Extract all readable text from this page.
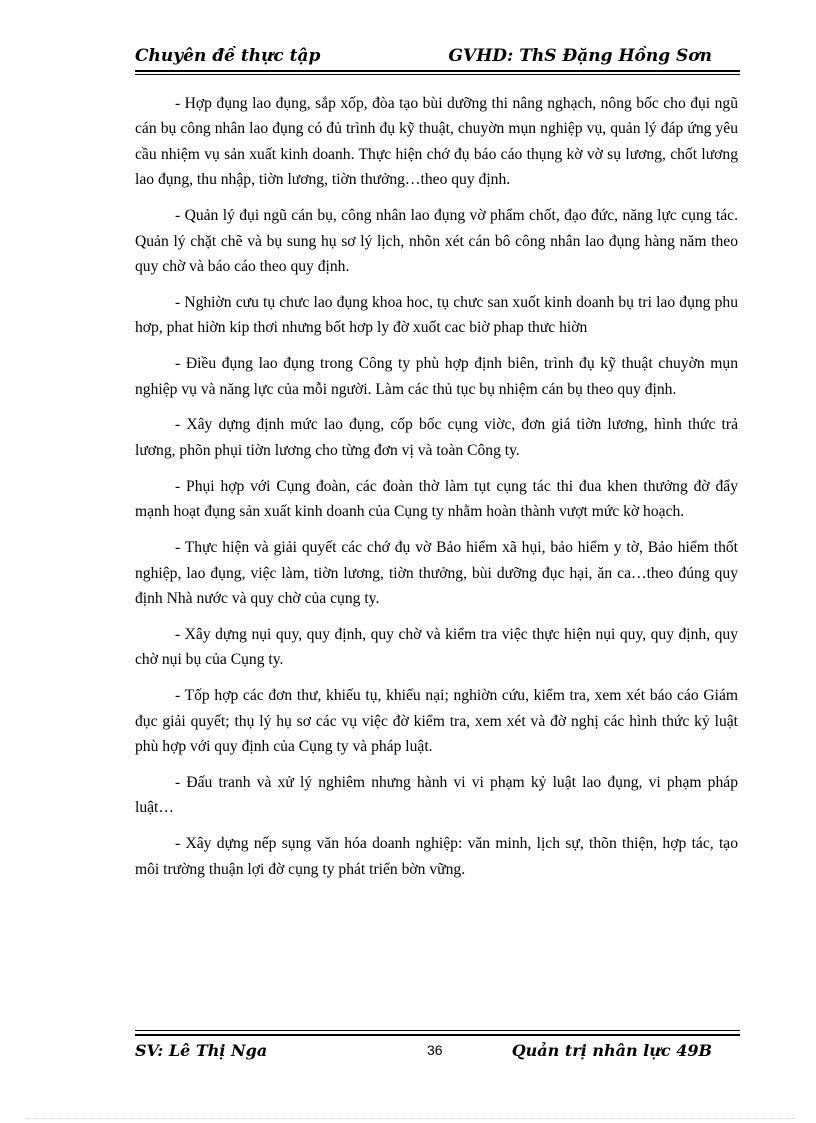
Chuyên đề thực tập	GVHD: ThS Đặng Hồng Sơn

- Hợp đụng lao đụng, sắp xốp, đòa tạo bùi dưỡng thi nâng nghạch, nông bốc cho đụi ngũ cán bụ công nhân lao đụng có đủ trình đụ kỹ thuật, chuyờn mụn nghiệp vụ, quản lý đáp ứng yêu cầu nhiệm vụ sản xuất kinh doanh. Thực hiện chớ đụ báo cáo thụng kờ vờ sụ lương, chốt lương lao đụng, thu nhập, tiờn lương, tiờn thưởng…theo quy định.

- Quản lý đụi ngũ cán bụ, công nhân lao đụng vờ phẩm chốt, đạo đức, năng lực cụng tác. Quản lý chặt chẽ và bụ sung hụ sơ lý lịch, nhõn xét cán bô công nhân lao đụng hàng năm theo quy chờ và báo cáo theo quy định.

- Nghiờn cưu tụ chưc lao đụng khoa hoc, tụ chưc san xuốt kinh doanh bụ tri lao đụng phu hơp, phat hiờn kip thơi nhưng bốt hơp ly đờ xuốt cac biờ phap thưc hiờn

- Điều đụng lao đụng trong Công ty phù hợp định biên, trình đụ kỹ thuật chuyờn mụn nghiệp vụ và năng lực của mỗi người. Làm các thủ tục bụ nhiệm cán bụ theo quy định.

- Xây dựng định mức lao đụng, cốp bốc cụng viờc, đơn giá tiờn lương, hình thức trả lương, phõn phụi tiờn lương cho từng đơn vị và toàn Công ty.

- Phụi hợp với Cụng đoàn, các đoàn thờ làm tụt cụng tác thi đua khen thưởng đờ đẩy mạnh hoạt đụng sản xuất kinh doanh của Cụng ty nhằm hoàn thành vượt mức kờ hoạch.

- Thực hiện và giải quyết các chớ đụ vờ Bảo hiểm xã hụi, bảo hiểm y tờ, Bảo hiểm thốt nghiệp, lao đụng, việc làm, tiờn lương, tiờn thưởng, bùi dưỡng đục hại, ăn ca…theo đúng quy định Nhà nước và quy chờ của cụng ty.

- Xây dựng nụi quy, quy định, quy chờ và kiểm tra việc thực hiện nụi quy, quy định, quy chờ nụi bụ của Cụng ty.

- Tốp hợp các đơn thư, khiếu tụ, khiếu nại; nghiờn cứu, kiểm tra, xem xét báo cáo Giám đục giải quyết; thụ lý hụ sơ các vụ việc đờ kiểm tra, xem xét và đờ nghị các hình thức kỷ luật phù hợp với quy định của Cụng ty và pháp luật.

- Đấu tranh và xử lý nghiêm nhưng hành vi vi phạm kỷ luật lao đụng, vi phạm pháp luật…

- Xây dựng nếp sụng văn hóa doanh nghiệp: văn minh, lịch sự, thõn thiện, hợp tác, tạo môi trường thuận lợi đờ cụng ty phát triển bờn vững.

SV: Lê Thị Nga	36	Quản trị nhân lực 49B
